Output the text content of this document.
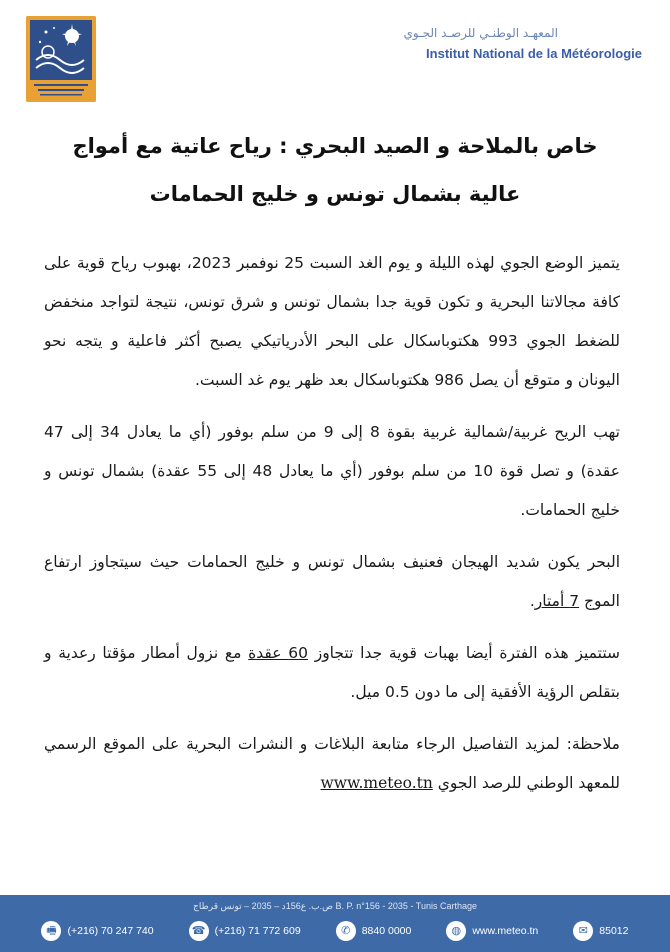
المعهـد الوطنـي للرصـد الجـوي
Institut National de la Météorologie
خاص بالملاحة و الصيد البحري : رياح عاتية مع أمواج
عالية بشمال تونس و خليج الحمامات

يتميز الوضع الجوي لهذه الليلة و يوم الغد السبت 25 نوفمبر 2023، بهبوب رياح قوية على كافة مجالاتنا البحرية و تكون قوية جدا بشمال تونس و شرق تونس، نتيجة لتواجد منخفض للضغط الجوي 993 هكتوباسكال على البحر الأدرياتيكي يصبح أكثر فاعلية و يتجه نحو اليونان و متوقع أن يصل 986 هكتوباسكال بعد ظهر يوم غد السبت.

تهب الريح غربية/شمالية غربية بقوة 8 إلى 9 من سلم بوفور (أي ما يعادل 34 إلى 47 عقدة) و تصل قوة 10 من سلم بوفور (أي ما يعادل 48 إلى 55 عقدة) بشمال تونس و خليج الحمامات.

البحر يكون شديد الهيجان فعنيف بشمال تونس و خليج الحمامات حيث سيتجاوز ارتفاع الموج 7 أمتار.

ستتميز هذه الفترة أيضا بهبات قوية جدا تتجاوز 60 عقدة مع نزول أمطار مؤقتا رعدية و بتقلص الرؤية الأفقية إلى ما دون 0.5 ميل.

ملاحظة: لمزيد التفاصيل الرجاء متابعة البلاغات و النشرات البحرية على الموقع الرسمي للمعهد الوطني للرصد الجوي www.meteo.tn

ص.ب. ع156د – 2035 – تونس قرطاج B. P. n°156 - 2035 - Tunis Carthage
🖷	(+216) 70 247 740	☎ (+216) 71 772 609	✆	8840 0000	◍	www.meteo.tn	✉	85012
